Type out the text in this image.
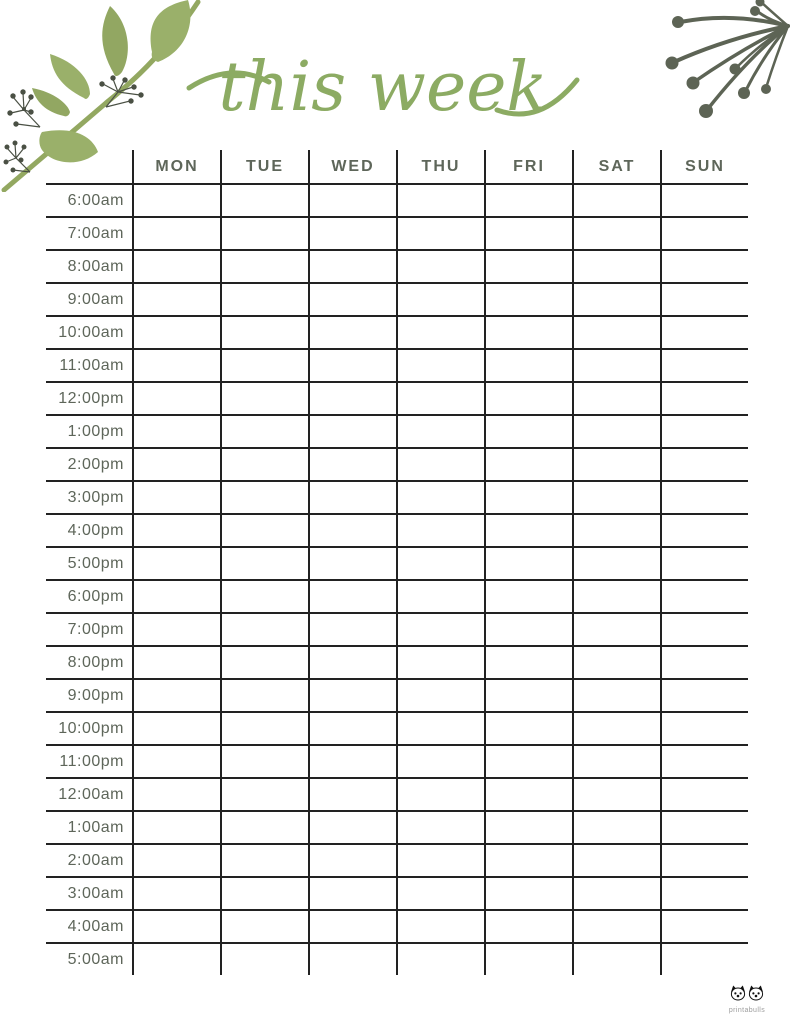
this week
MON	TUE	WED	THU	FRI	SAT	SUN
6:00am
7:00am
8:00am
9:00am
10:00am
11:00am
12:00pm
1:00pm
2:00pm
3:00pm
4:00pm
5:00pm
6:00pm
7:00pm
8:00pm
9:00pm
10:00pm
11:00pm
12:00am
1:00am
2:00am
3:00am
4:00am
5:00am
printabulls
